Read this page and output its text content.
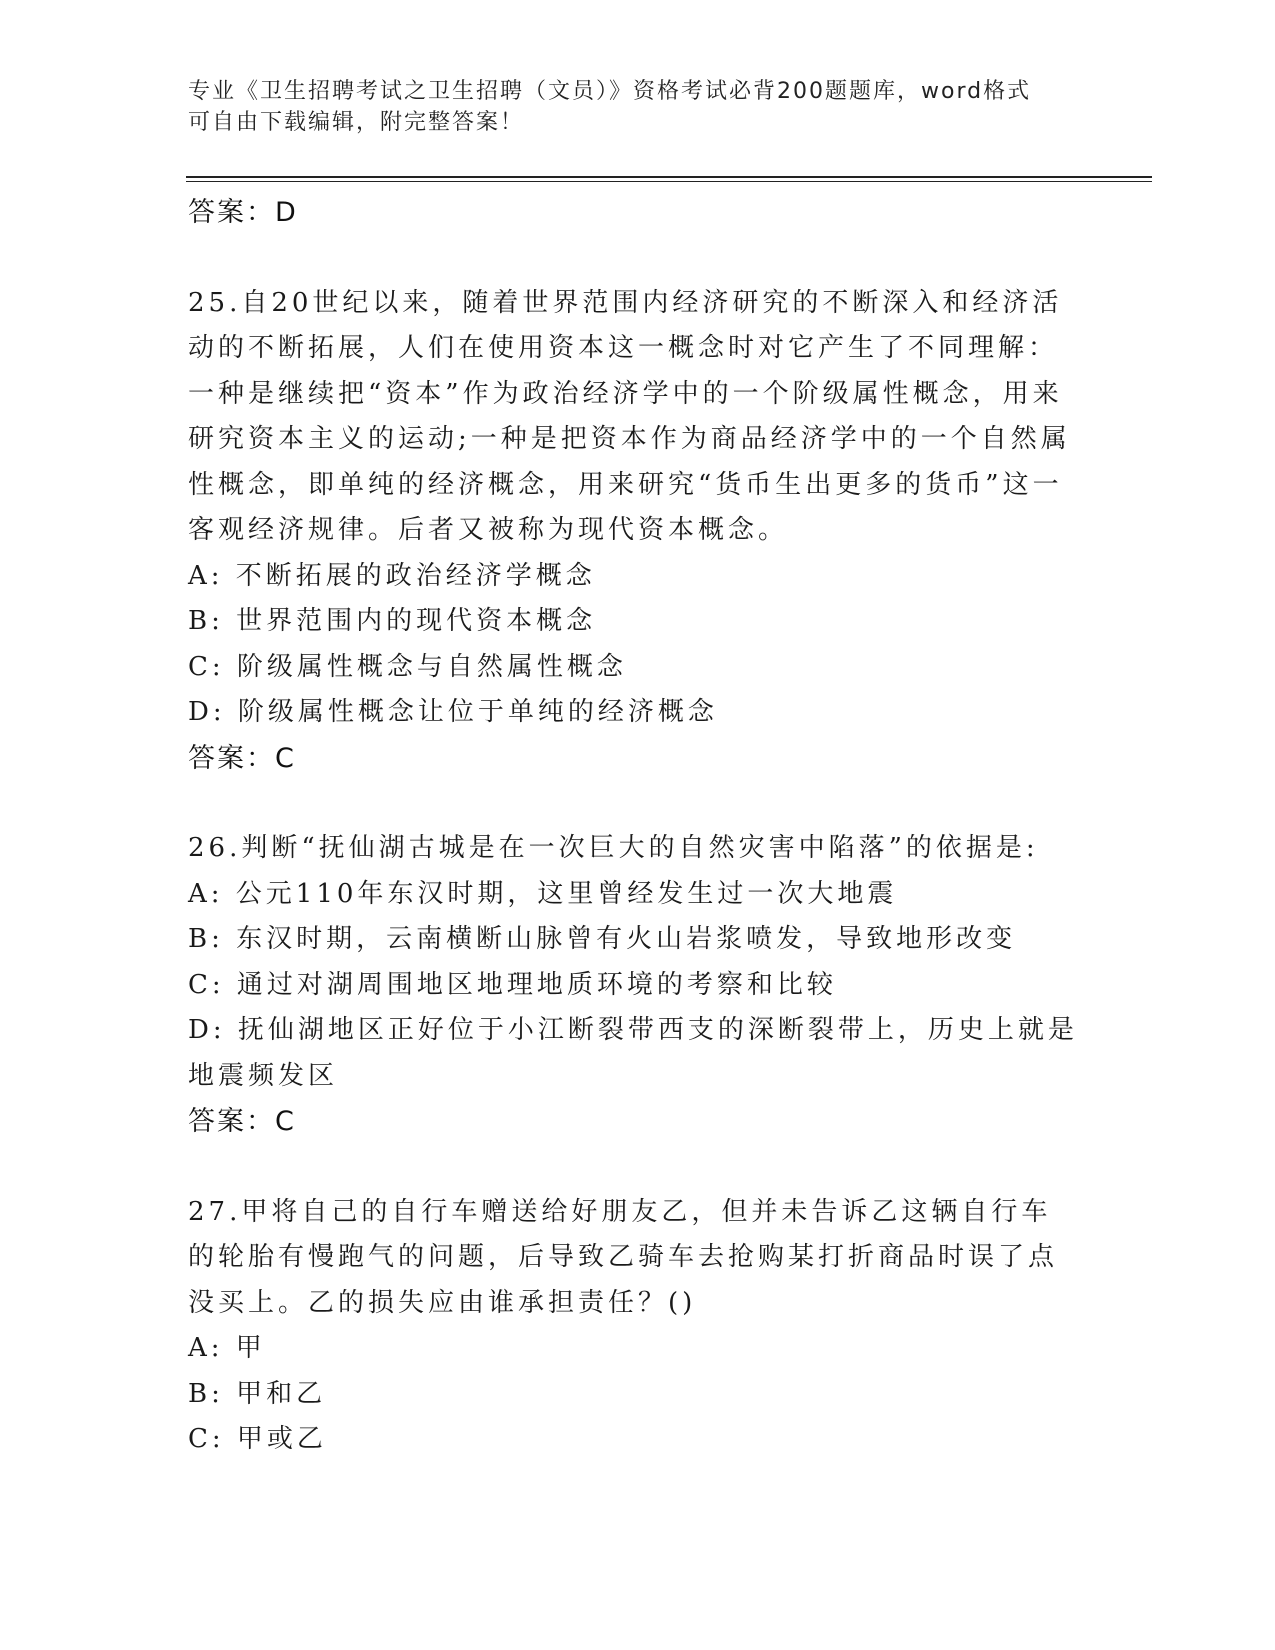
专业《卫生招聘考试之卫生招聘（文员）》资格考试必背200题题库，word格式
可自由下载编辑，附完整答案！
答案：D
25.自20世纪以来，随着世界范围内经济研究的不断深入和经济活动的不断拓展，人们在使用资本这一概念时对它产生了不同理解：一种是继续把“资本”作为政治经济学中的一个阶级属性概念，用来研究资本主义的运动;一种是把资本作为商品经济学中的一个自然属性概念，即单纯的经济概念，用来研究“货币生出更多的货币”这一客观经济规律。后者又被称为现代资本概念。
A: 不断拓展的政治经济学概念
B: 世界范围内的现代资本概念
C: 阶级属性概念与自然属性概念
D: 阶级属性概念让位于单纯的经济概念
答案：C
26.判断“抚仙湖古城是在一次巨大的自然灾害中陷落”的依据是:
A: 公元110年东汉时期，这里曾经发生过一次大地震
B: 东汉时期，云南横断山脉曾有火山岩浆喷发，导致地形改变
C: 通过对湖周围地区地理地质环境的考察和比较
D: 抚仙湖地区正好位于小江断裂带西支的深断裂带上，历史上就是地震频发区
答案：C
27.甲将自己的自行车赠送给好朋友乙，但并未告诉乙这辆自行车的轮胎有慢跑气的问题，后导致乙骑车去抢购某打折商品时误了点没买上。乙的损失应由谁承担责任？()
A: 甲
B: 甲和乙
C: 甲或乙
